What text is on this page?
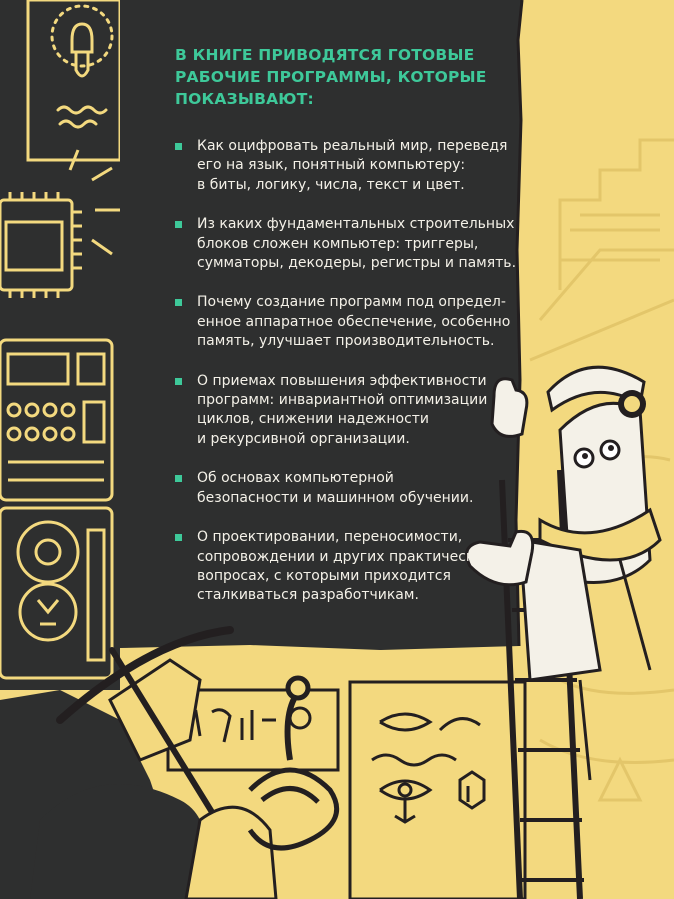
В КНИГЕ ПРИВОДЯТСЯ ГОТОВЫЕ
РАБОЧИЕ ПРОГРАММЫ, КОТОРЫЕ
ПОКАЗЫВАЮТ:
Как оцифровать реальный мир, переведя
его на язык, понятный компьютеру:
в биты, логику, числа, текст и цвет.
Из каких фундаментальных строительных
блоков сложен компьютер: триггеры,
сумматоры, декодеры, регистры и память.
Почему создание программ под определ-
енное аппаратное обеспечение, особенно
память, улучшает производительность.
О приемах повышения эффективности
программ: инвариантной оптимизации
циклов, снижении надежности
и рекурсивной организации.
Об основах компьютерной
безопасности и машинном обучении.
О проектировании, переносимости,
сопровождении и других практических
вопросах, с которыми приходится
сталкиваться разработчикам.
